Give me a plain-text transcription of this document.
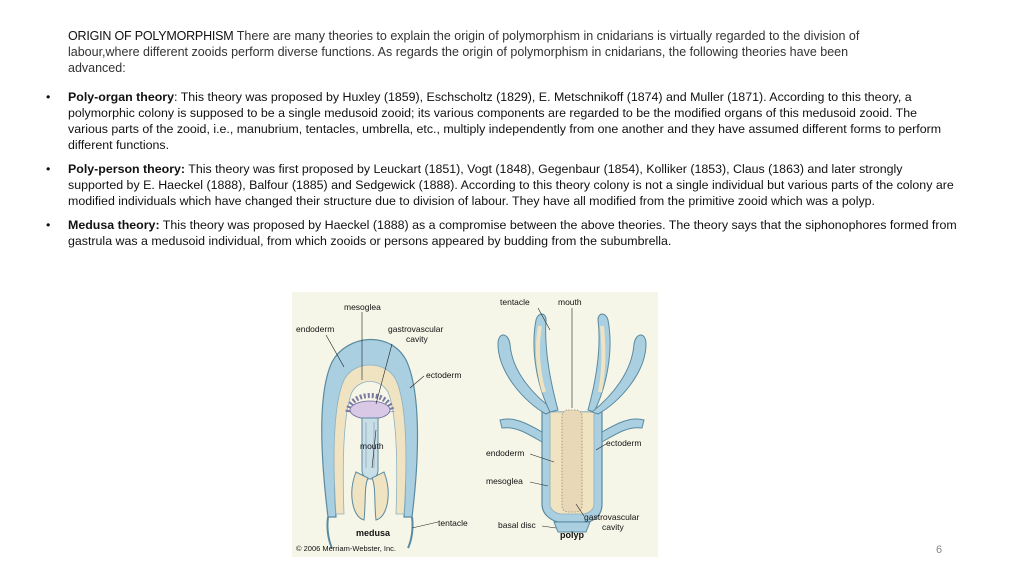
ORIGIN OF POLYMORPHISM There are many theories to explain the origin of polymorphism in cnidarians is virtually regarded to the division of labour,where different zooids perform diverse functions. As regards the origin of polymorphism in cnidarians, the following theories have been advanced:
• Poly-organ theory: This theory was proposed by Huxley (1859), Eschscholtz (1829), E. Metschnikoff (1874) and Muller (1871). According to this theory, a polymorphic colony is supposed to be a single medusoid zooid; its various components are regarded to be the modified organs of this medusoid zooid. The various parts of the zooid, i.e., manubrium, tentacles, umbrella, etc., multiply independently from one another and they have assumed different forms to perform different functions.
• Poly-person theory: This theory was first proposed by Leuckart (1851), Vogt (1848), Gegenbaur (1854), Kolliker (1853), Claus (1863) and later strongly supported by E. Haeckel (1888), Balfour (1885) and Sedgewick (1888). According to this theory colony is not a single individual but various parts of the colony are modified individuals which have changed their structure due to division of labour. They have all modified from the primitive zooid which was a polyp.
• Medusa theory: This theory was proposed by Haeckel (1888) as a compromise between the above theories. The theory says that the siphonophores formed from gastrula was a medusoid individual, from which zooids or persons appeared by budding from the subumbrella.
mesoglea
endoderm	gastrovascular
cavity
ectoderm
mouth
tentacle
medusa
tentacle	mouth
ectoderm
endoderm
mesoglea
basal disc
gastrovascular
cavity
polyp
© 2006 Merriam-Webster, Inc.	6
